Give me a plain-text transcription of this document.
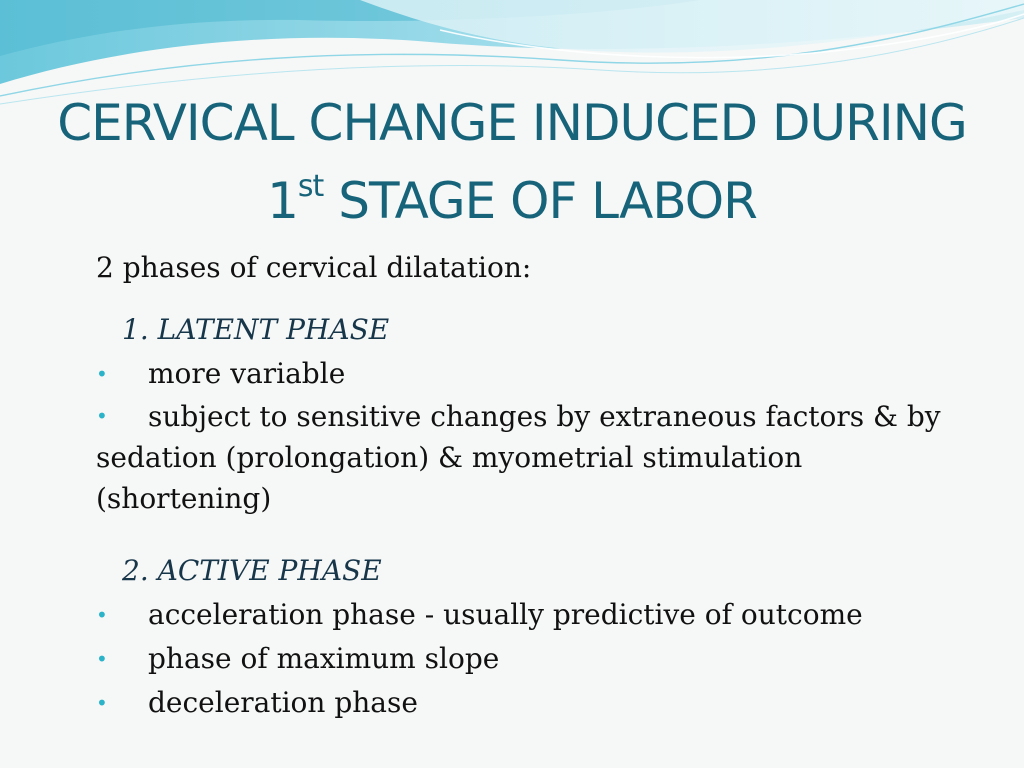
CERVICAL CHANGE INDUCED DURING
1st STAGE OF LABOR

2 phases of cervical dilatation:

1. LATENT PHASE

• more variable
• subject to sensitive changes by extraneous factors & by sedation (prolongation) & myometrial stimulation (shortening)

2. ACTIVE PHASE

• acceleration phase - usually predictive of outcome
• phase of maximum slope
• deceleration phase
